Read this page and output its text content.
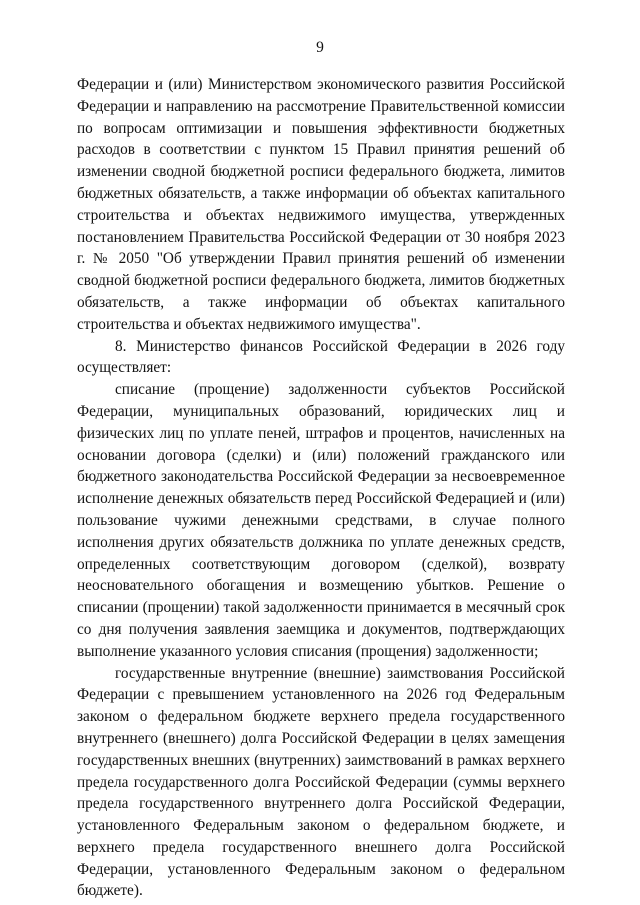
9

Федерации и (или) Министерством экономического развития Российской Федерации и направлению на рассмотрение Правительственной комиссии по вопросам оптимизации и повышения эффективности бюджетных расходов в соответствии с пунктом 15 Правил принятия решений об изменении сводной бюджетной росписи федерального бюджета, лимитов бюджетных обязательств, а также информации об объектах капитального строительства и объектах недвижимого имущества, утвержденных постановлением Правительства Российской Федерации от 30 ноября 2023 г. № 2050 "Об утверждении Правил принятия решений об изменении сводной бюджетной росписи федерального бюджета, лимитов бюджетных обязательств, а также информации об объектах капитального строительства и объектах недвижимого имущества".

8. Министерство финансов Российской Федерации в 2026 году осуществляет:

списание (прощение) задолженности субъектов Российской Федерации, муниципальных образований, юридических лиц и физических лиц по уплате пеней, штрафов и процентов, начисленных на основании договора (сделки) и (или) положений гражданского или бюджетного законодательства Российской Федерации за несвоевременное исполнение денежных обязательств перед Российской Федерацией и (или) пользование чужими денежными средствами, в случае полного исполнения других обязательств должника по уплате денежных средств, определенных соответствующим договором (сделкой), возврату неосновательного обогащения и возмещению убытков. Решение о списании (прощении) такой задолженности принимается в месячный срок со дня получения заявления заемщика и документов, подтверждающих выполнение указанного условия списания (прощения) задолженности;

государственные внутренние (внешние) заимствования Российской Федерации с превышением установленного на 2026 год Федеральным законом о федеральном бюджете верхнего предела государственного внутреннего (внешнего) долга Российской Федерации в целях замещения государственных внешних (внутренних) заимствований в рамках верхнего предела государственного долга Российской Федерации (суммы верхнего предела государственного внутреннего долга Российской Федерации, установленного Федеральным законом о федеральном бюджете, и верхнего предела государственного внешнего долга Российской Федерации, установленного Федеральным законом о федеральном бюджете).
